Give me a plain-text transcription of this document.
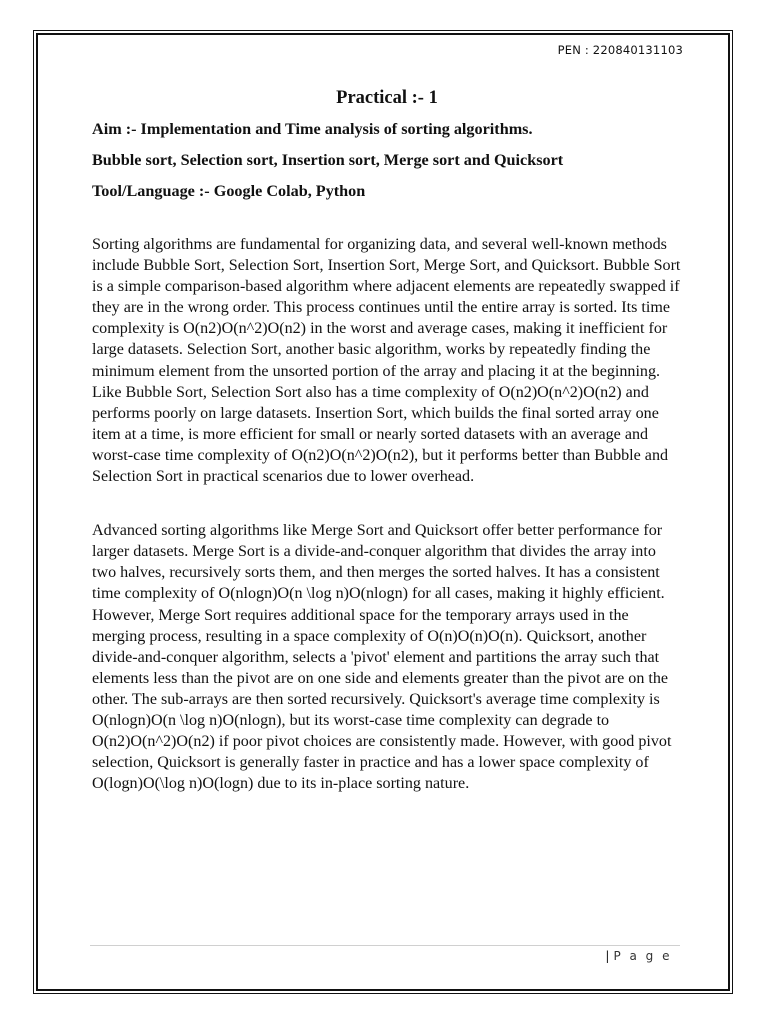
PEN : 220840131103
Practical :- 1
Aim :- Implementation and Time analysis of sorting algorithms.
Bubble sort, Selection sort, Insertion sort, Merge sort and Quicksort
Tool/Language :- Google Colab, Python

Sorting algorithms are fundamental for organizing data, and several well-known methods include Bubble Sort, Selection Sort, Insertion Sort, Merge Sort, and Quicksort. Bubble Sort is a simple comparison-based algorithm where adjacent elements are repeatedly swapped if they are in the wrong order. This process continues until the entire array is sorted. Its time complexity is O(n2)O(n^2)O(n2) in the worst and average cases, making it inefficient for large datasets. Selection Sort, another basic algorithm, works by repeatedly finding the minimum element from the unsorted portion of the array and placing it at the beginning. Like Bubble Sort, Selection Sort also has a time complexity of O(n2)O(n^2)O(n2) and performs poorly on large datasets. Insertion Sort, which builds the final sorted array one item at a time, is more efficient for small or nearly sorted datasets with an average and worst-case time complexity of O(n2)O(n^2)O(n2), but it performs better than Bubble and Selection Sort in practical scenarios due to lower overhead.

Advanced sorting algorithms like Merge Sort and Quicksort offer better performance for larger datasets. Merge Sort is a divide-and-conquer algorithm that divides the array into two halves, recursively sorts them, and then merges the sorted halves. It has a consistent time complexity of O(nlog⁡n)O(n \log n)O(nlogn) for all cases, making it highly efficient. However, Merge Sort requires additional space for the temporary arrays used in the merging process, resulting in a space complexity of O(n)O(n)O(n). Quicksort, another divide-and-conquer algorithm, selects a 'pivot' element and partitions the array such that elements less than the pivot are on one side and elements greater than the pivot are on the other. The sub-arrays are then sorted recursively. Quicksort's average time complexity is O(nlog⁡n)O(n \log n)O(nlogn), but its worst-case time complexity can degrade to O(n2)O(n^2)O(n2) if poor pivot choices are consistently made. However, with good pivot selection, Quicksort is generally faster in practice and has a lower space complexity of O(log⁡n)O(\log n)O(logn) due to its in-place sorting nature.

| P a g e
